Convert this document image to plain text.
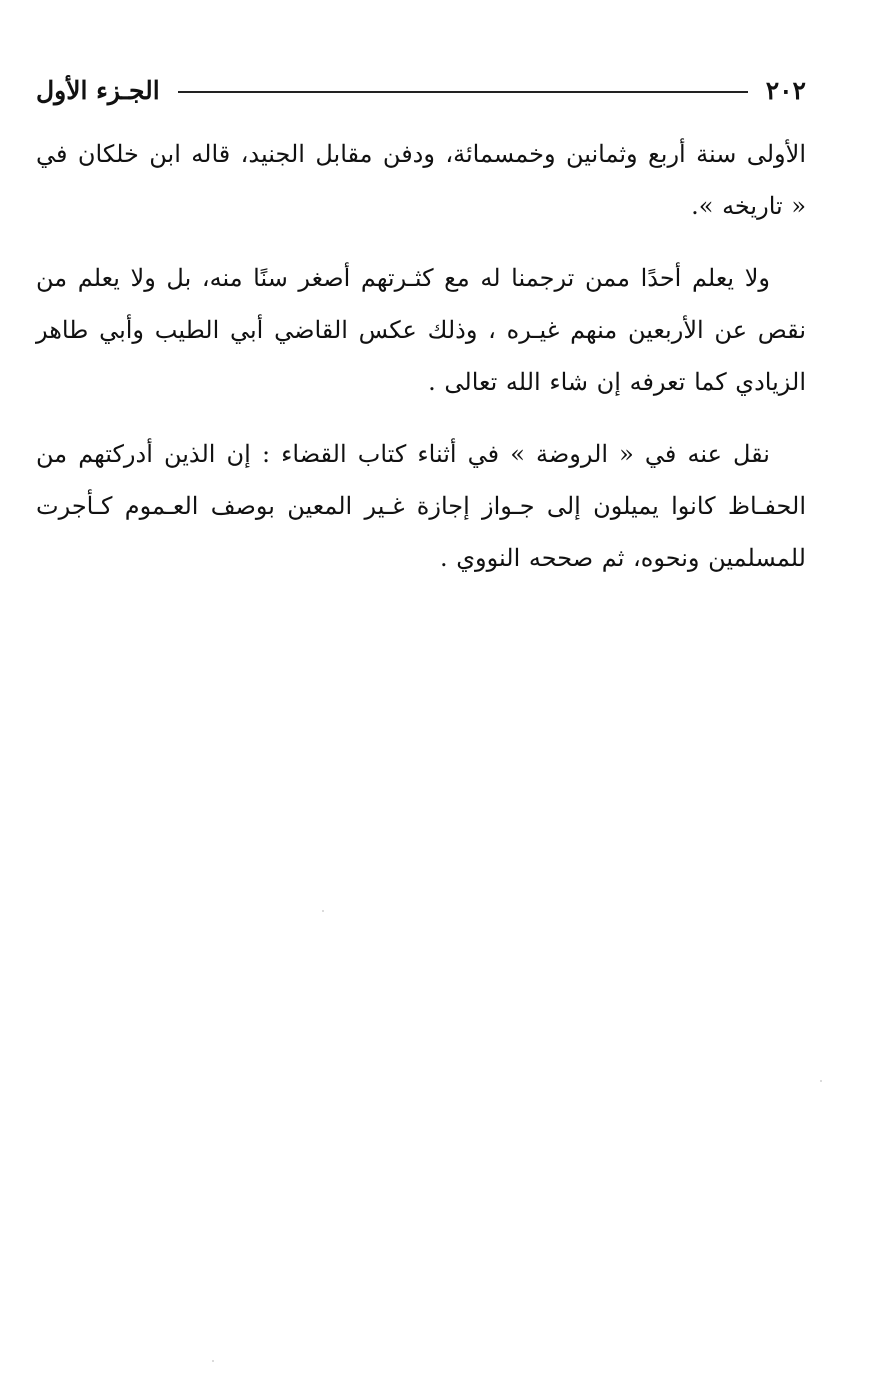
٢٠٢
الجـزء الأول

الأولى سنة أربع وثمانين وخمسمائة، ودفن مقابل الجنيد، قاله ابن خلكان في « تاريخه ».

ولا يعلم أحدًا ممن ترجمنا له مع كثـرتهم أصغر سنًا منه، بل ولا يعلم من نقص عن الأربعين منهم غيـره ، وذلك عكس القاضي أبي الطيب وأبي طاهر الزيادي كما تعرفه إن شاء الله تعالى .

نقل عنه في « الروضة » في أثناء كتاب القضاء : إن الذين أدركتهم من الحفـاظ كانوا يميلون إلى جـواز إجازة غـير المعين بوصف العـموم كـأجرت للمسلمين ونحوه، ثم صححه النووي .
